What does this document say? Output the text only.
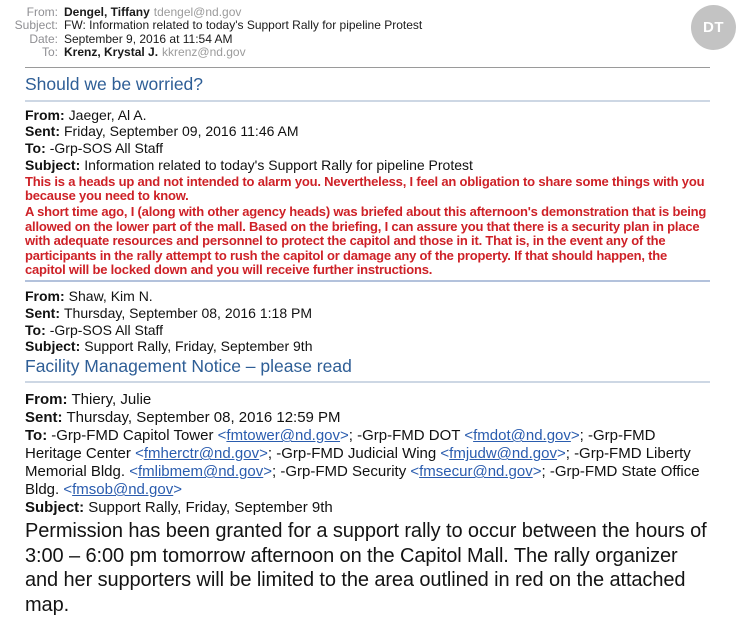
From: Dengel, Tiffany tdengel@nd.gov
Subject: FW: Information related to today's Support Rally for pipeline Protest
Date: September 9, 2016 at 11:54 AM
To: Krenz, Krystal J. kkrenz@nd.gov
DT
Should we be worried?

From: Jaeger, Al A.

Sent: Friday, September 09, 2016 11:46 AM

To: -Grp-SOS All Staff

Subject: Information related to today's Support Rally for pipeline Protest

This is a heads up and not intended to alarm you. Nevertheless, I feel an obligation to share some things with you because you need to know.

A short time ago, I (along with other agency heads) was briefed about this afternoon's demonstration that is being allowed on the lower part of the mall. Based on the briefing, I can assure you that there is a security plan in place with adequate resources and personnel to protect the capitol and those in it. That is, in the event any of the participants in the rally attempt to rush the capitol or damage any of the property. If that should happen, the capitol will be locked down and you will receive further instructions.

From: Shaw, Kim N.

Sent: Thursday, September 08, 2016 1:18 PM

To: -Grp-SOS All Staff

Subject: Support Rally, Friday, September 9th

Facility Management Notice – please read

From: Thiery, Julie

Sent: Thursday, September 08, 2016 12:59 PM

To: -Grp-FMD Capitol Tower <fmtower@nd.gov>; -Grp-FMD DOT <fmdot@nd.gov>; -Grp-FMD Heritage Center <fmherctr@nd.gov>; -Grp-FMD Judicial Wing <fmjudw@nd.gov>; -Grp-FMD Liberty Memorial Bldg. <fmlibmem@nd.gov>; -Grp-FMD Security <fmsecur@nd.gov>; -Grp-FMD State Office Bldg. <fmsob@nd.gov>

Subject: Support Rally, Friday, September 9th

Permission has been granted for a support rally to occur between the hours of 3:00 – 6:00 pm tomorrow afternoon on the Capitol Mall. The rally organizer and her supporters will be limited to the area outlined in red on the attached map.
